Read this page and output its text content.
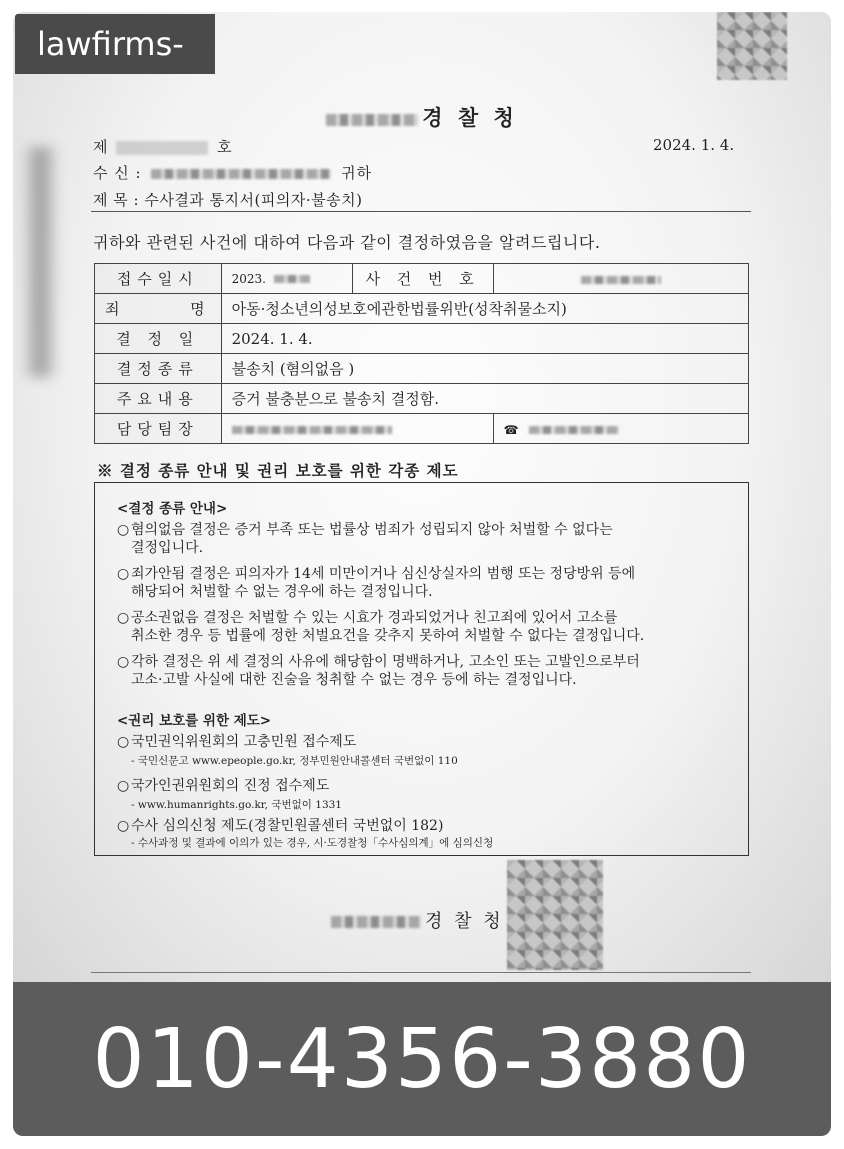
lawfirms-
경 찰 청
제	호	2024. 1. 4.
수 신 :	귀하
제 목 : 수사결과 통지서(피의자·불송치)
귀하와 관련된 사건에 대하여 다음과 같이 결정하였음을 알려드립니다.
접수일시	2023.	사 건 번 호	
죄      명	아동·청소년의성보호에관한법률위반(성착취물소지)		
결 정 일	2024. 1. 4.		
결정종류	불송치 (혐의없음 )		
주요내용	증거 불충분으로 불송치 결정함.		
담당팀장			☎
※ 결정 종류 안내 및 권리 보호를 위한 각종 제도
<결정 종류 안내>
○ 혐의없음 결정은 증거 부족 또는 법률상 범죄가 성립되지 않아 처벌할 수 없다는
결정입니다.
○ 죄가안됨 결정은 피의자가 14세 미만이거나 심신상실자의 범행 또는 정당방위 등에
해당되어 처벌할 수 없는 경우에 하는 결정입니다.
○ 공소권없음 결정은 처벌할 수 있는 시효가 경과되었거나 친고죄에 있어서 고소를
취소한 경우 등 법률에 정한 처벌요건을 갖추지 못하여 처벌할 수 없다는 결정입니다.
○ 각하 결정은 위 세 결정의 사유에 해당함이 명백하거나, 고소인 또는 고발인으로부터
고소·고발 사실에 대한 진술을 청취할 수 없는 경우 등에 하는 결정입니다.
<권리 보호를 위한 제도>
○ 국민권익위원회의 고충민원 접수제도
- 국민신문고 www.epeople.go.kr, 정부민원안내콜센터 국번없이 110
○ 국가인권위원회의 진정 접수제도
- www.humanrights.go.kr, 국번없이 1331
○ 수사 심의신청 제도(경찰민원콜센터 국번없이 182)
- 수사과정 및 결과에 이의가 있는 경우, 시·도경찰청「수사심의계」에 심의신청
경 찰 청
010-4356-3880
